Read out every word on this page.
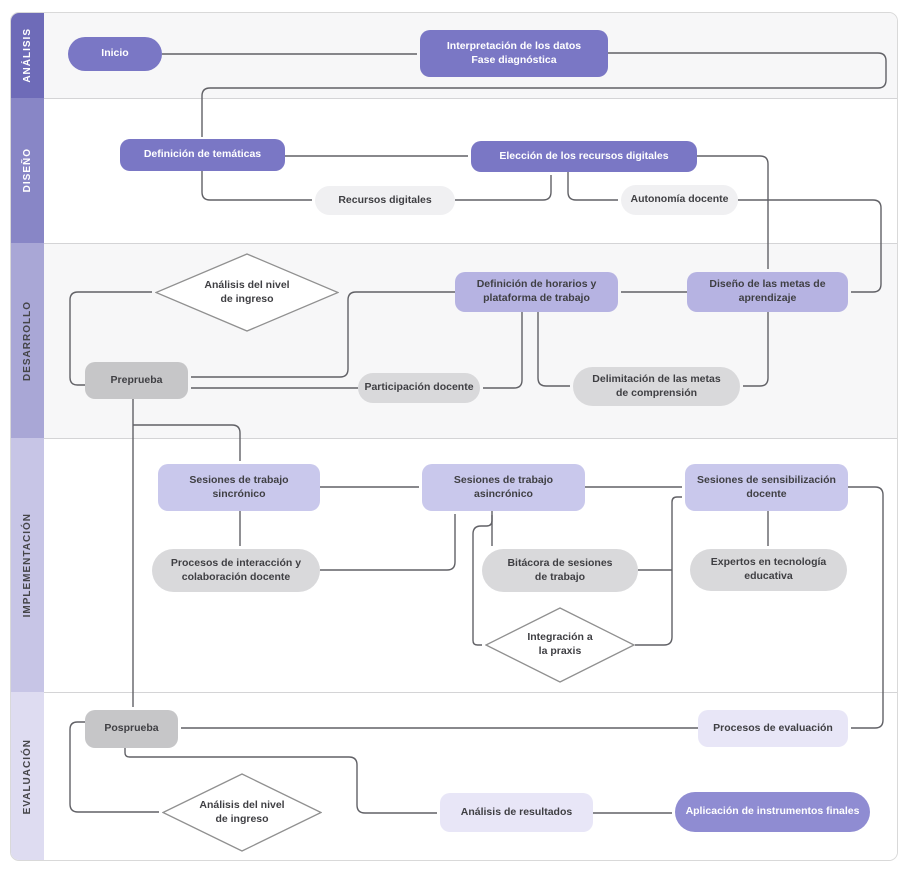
ANÁLISIS
DISEÑO
DESARROLLO
IMPLEMENTACIÓN
EVALUACIÓN
Inicio
Interpretación de los datos
Fase diagnóstica
Definición de temáticas	Elección de los recursos digitales
Recursos digitales	Autonomía docente
Análisis del nivel
de ingreso
Preprueba
Definición de horarios y
plataforma de trabajo
Diseño de las metas de
aprendizaje
Participación docente
Delimitación de las metas
de comprensión
Sesiones de trabajo
sincrónico
Sesiones de trabajo
asincrónico
Sesiones de sensibilización
docente
Procesos de interacción y
colaboración docente
Bitácora de sesiones
de trabajo
Expertos en tecnología
educativa
Integración a
la praxis
Posprueba	Procesos de evaluación
Análisis del nivel
de ingreso
Análisis de resultados	Aplicación de instrumentos finales
